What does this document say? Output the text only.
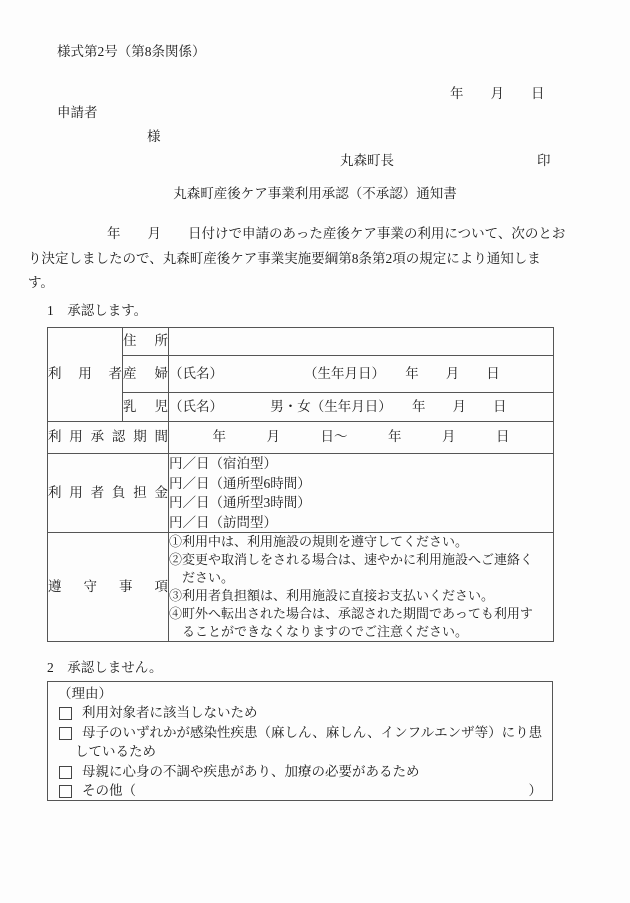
様式第2号（第8条関係）
年　　月　　日
申請者
様
丸森町長	印
丸森町産後ケア事業利用承認（不承認）通知書
年　　月　　日付けで申請のあった産後ケア事業の利用について、次のとお
り決定しましたので、丸森町産後ケア事業実施要綱第8条第2項の規定により通知しま
す。
1　承認します。
利用者	住所	
	産婦	（氏名）　　　　　　　（生年月日）　　年　　月　　日
	乳児	（氏名）　　　　男・女（生年月日）　　年　　月　　日
利用承認期間		年　　　月　　　日～　　　年　　　月　　　日
利用者負担金		円／日（宿泊型）
円／日（通所型6時間）
円／日（通所型3時間）
円／日（訪問型）

遵守事項	
①利用中は、利用施設の規則を遵守してください。
②変更や取消しをされる場合は、速やかに利用施設へご連絡く
　ださい。
③利用者負担額は、利用施設に直接お支払いください。
④町外へ転出された場合は、承認された期間であっても利用す
　ることができなくなりますのでご注意ください。
2　承認しません。
（理由）
利用対象者に該当しないため
母子のいずれかが感染性疾患（麻しん、麻しん、インフルエンザ等）にり患
しているため
母親に心身の不調や疾患があり、加療の必要があるため
その他（	）
